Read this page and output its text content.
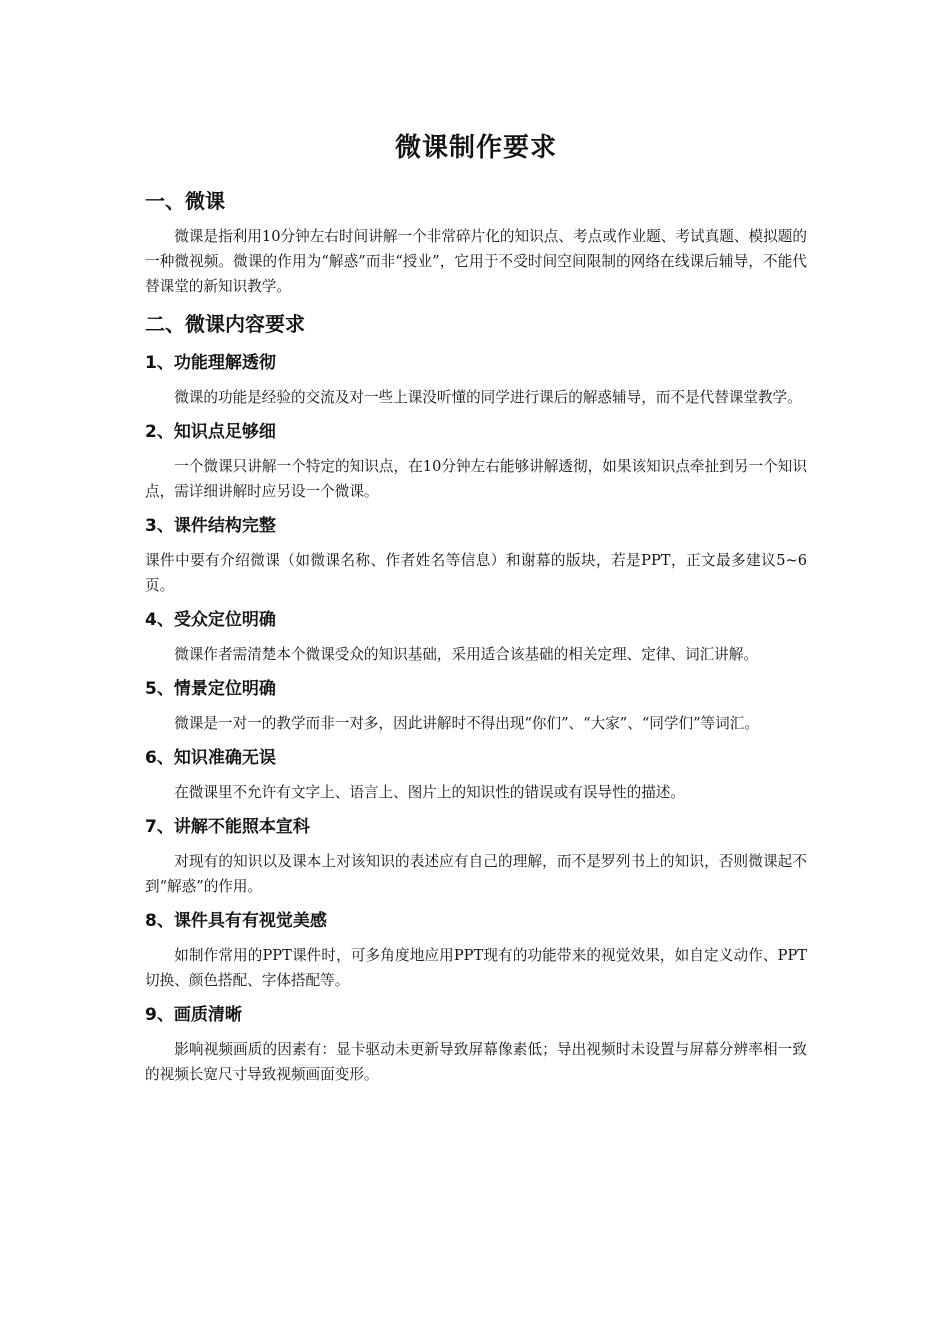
微课制作要求
一、微课

微课是指利用10分钟左右时间讲解一个非常碎片化的知识点、考点或作业题、考试真题、模拟题的一种微视频。微课的作用为“解惑”而非“授业”，它用于不受时间空间限制的网络在线课后辅导，不能代替课堂的新知识教学。

二、微课内容要求
1、功能理解透彻

微课的功能是经验的交流及对一些上课没听懂的同学进行课后的解惑辅导，而不是代替课堂教学。

2、知识点足够细

一个微课只讲解一个特定的知识点，在10分钟左右能够讲解透彻，如果该知识点牵扯到另一个知识点，需详细讲解时应另设一个微课。

3、课件结构完整

课件中要有介绍微课（如微课名称、作者姓名等信息）和谢幕的版块，若是PPT，正文最多建议5~6页。

4、受众定位明确

微课作者需清楚本个微课受众的知识基础，采用适合该基础的相关定理、定律、词汇讲解。

5、情景定位明确

微课是一对一的教学而非一对多，因此讲解时不得出现“你们”、“大家”、“同学们”等词汇。

6、知识准确无误

在微课里不允许有文字上、语言上、图片上的知识性的错误或有误导性的描述。

7、讲解不能照本宣科

对现有的知识以及课本上对该知识的表述应有自己的理解，而不是罗列书上的知识，否则微课起不到“解惑”的作用。

8、课件具有有视觉美感

如制作常用的PPT课件时，可多角度地应用PPT现有的功能带来的视觉效果，如自定义动作、PPT切换、颜色搭配、字体搭配等。

9、画质清晰

影响视频画质的因素有：显卡驱动未更新导致屏幕像素低；导出视频时未设置与屏幕分辨率相一致的视频长宽尺寸导致视频画面变形。
